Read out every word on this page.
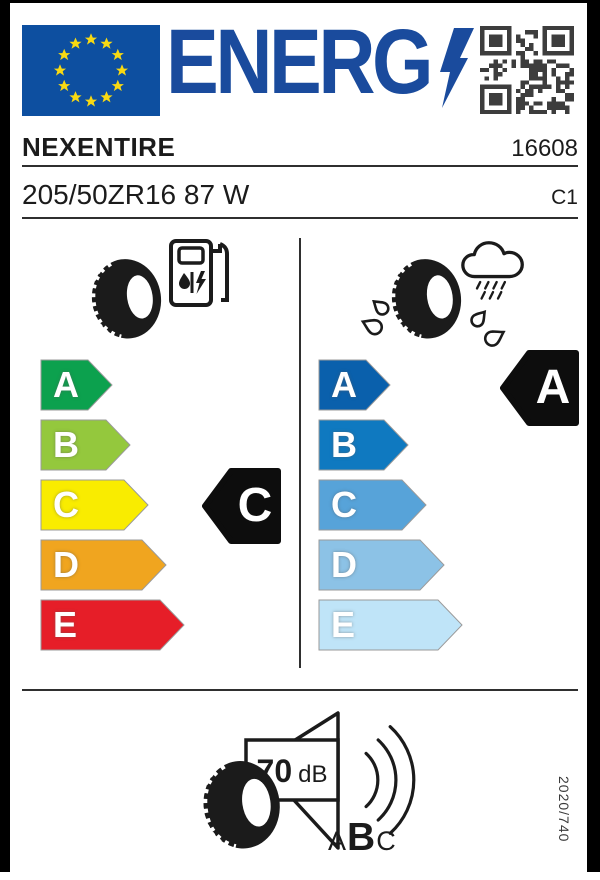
ENERG
NEXENTIRE	16608
205/50ZR16 87 W	C1
A
B
C
D
E
A
B
C
D
E
C
A
70 dB
A B C	2020/740
